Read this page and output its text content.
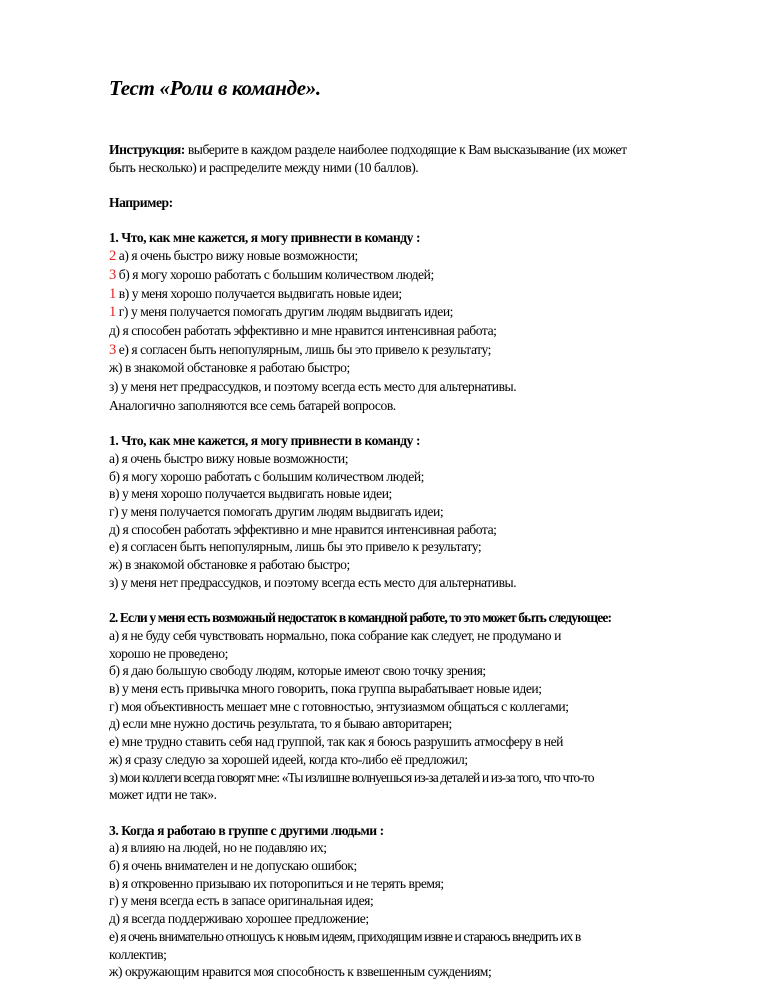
Тест «Роли в команде».

Инструкция: выберите в каждом разделе наиболее подходящие к Вам высказывание (их может

быть несколько) и распределите между ними (10 баллов).

Например:

1. Что, как мне кажется, я могу привнести в команду :

2 а) я очень быстро вижу новые возможности;

3 б) я могу хорошо работать с большим количеством людей;

1 в) у меня хорошо получается выдвигать новые идеи;

1 г) у меня получается помогать другим людям выдвигать идеи;

д) я способен работать эффективно и мне нравится интенсивная работа;

3 е) я согласен быть непопулярным, лишь бы это привело к результату;

ж) в знакомой обстановке я работаю быстро;

з) у меня нет предрассудков, и поэтому всегда есть место для альтернативы.

Аналогично заполняются все семь батарей вопросов.

1. Что, как мне кажется, я могу привнести в команду :

а) я очень быстро вижу новые возможности;

б) я могу хорошо работать с большим количеством людей;

в) у меня хорошо получается выдвигать новые идеи;

г) у меня получается помогать другим людям выдвигать идеи;

д) я способен работать эффективно и мне нравится интенсивная работа;

е) я согласен быть непопулярным, лишь бы это привело к результату;

ж) в знакомой обстановке я работаю быстро;

з) у меня нет предрассудков, и поэтому всегда есть место для альтернативы.

2. Если у меня есть возможный недостаток в командной работе, то это может быть следующее:

а) я не буду себя чувствовать нормально, пока собрание как следует, не продумано и

хорошо не проведено;

б) я даю большую свободу людям, которые имеют свою точку зрения;

в) у меня есть привычка много говорить, пока группа вырабатывает новые идеи;

г) моя объективность мешает мне с готовностью, энтузиазмом общаться с коллегами;

д) если мне нужно достичь результата, то я бываю авторитарен;

е) мне трудно ставить себя над группой, так как я боюсь разрушить атмосферу в ней

ж) я сразу следую за хорошей идеей, когда кто-либо её предложил;

з) мои коллеги всегда говорят мне: «Ты излишне волнуешься из-за деталей и из-за того, что что-то

может идти не так».

3. Когда я работаю в группе с другими людьми :

а) я влияю на людей, но не подавляю их;

б) я очень внимателен и не допускаю ошибок;

в) я откровенно призываю их поторопиться и не терять время;

г) у меня всегда есть в запасе оригинальная идея;

д) я всегда поддерживаю хорошее предложение;

е) я очень внимательно отношусь к новым идеям, приходящим извне и стараюсь внедрить их в

коллектив;

ж) окружающим нравится моя способность к взвешенным суждениям;
